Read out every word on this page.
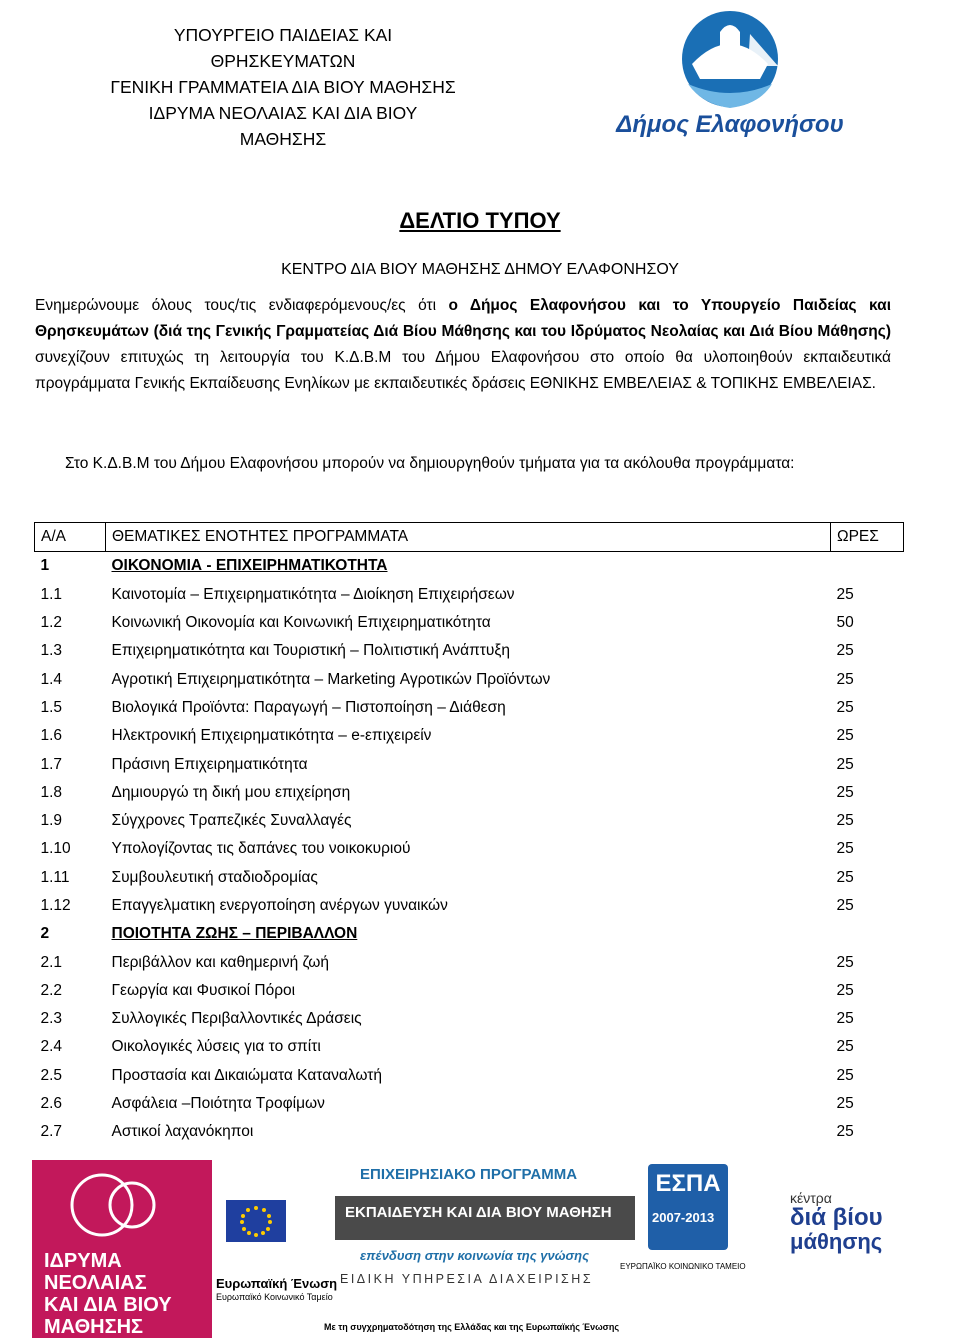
ΥΠΟΥΡΓΕΙΟ ΠΑΙΔΕΙΑΣ ΚΑΙ
ΘΡΗΣΚΕΥΜΑΤΩΝ
ΓΕΝΙΚΗ ΓΡΑΜΜΑΤΕΙΑ ΔΙΑ ΒΙΟΥ ΜΑΘΗΣΗΣ
ΙΔΡΥΜΑ ΝΕΟΛΑΙΑΣ ΚΑΙ ΔΙΑ ΒΙΟΥ
ΜΑΘΗΣΗΣ
Δήμος Ελαφονήσου
ΔΕΛΤΙΟ ΤΥΠΟΥ
ΚΕΝΤΡΟ ΔΙΑ ΒΙΟΥ ΜΑΘΗΣΗΣ ΔΗΜΟΥ ΕΛΑΦΟΝΗΣΟΥ
Ενημερώνουμε όλους τους/τις ενδιαφερόμενους/ες ότι ο Δήμος Ελαφονήσου και το Υπουργείο Παιδείας και Θρησκευμάτων (διά της Γενικής Γραμματείας Διά Βίου Μάθησης και του Ιδρύματος Νεολαίας και Διά Βίου Μάθησης) συνεχίζουν επιτυχώς τη λειτουργία του Κ.Δ.Β.Μ του Δήμου Ελαφονήσου στο οποίο θα υλοποιηθούν εκπαιδευτικά προγράμματα Γενικής Εκπαίδευσης Ενηλίκων με εκπαιδευτικές δράσεις ΕΘΝΙΚΗΣ ΕΜΒΕΛΕΙΑΣ & ΤΟΠΙΚΗΣ ΕΜΒΕΛΕΙΑΣ.
Στο Κ.Δ.Β.Μ του Δήμου Ελαφονήσου μπορούν να δημιουργηθούν τμήματα για τα ακόλουθα προγράμματα:
Α/Α	ΘΕΜΑΤΙΚΕΣ ΕΝΟΤΗΤΕΣ ΠΡΟΓΡΑΜΜΑΤΑ	ΩΡΕΣ
1	ΟΙΚΟΝΟΜΙΑ - ΕΠΙΧΕΙΡΗΜΑΤΙΚΟΤΗΤΑ	
1.1	Καινοτομία – Επιχειρηματικότητα – Διοίκηση Επιχειρήσεων	25
1.2	Κοινωνική Οικονομία και Κοινωνική Επιχειρηματικότητα	50
1.3	Επιχειρηματικότητα και Τουριστική – Πολιτιστική Ανάπτυξη	25
1.4	Αγροτική Επιχειρηματικότητα – Marketing Αγροτικών Προϊόντων	25
1.5	Βιολογικά Προϊόντα: Παραγωγή – Πιστοποίηση – Διάθεση	25
1.6	Ηλεκτρονική Επιχειρηματικότητα – e-επιχειρείν	25
1.7	Πράσινη Επιχειρηματικότητα	25
1.8	Δημιουργώ τη δική μου επιχείρηση	25
1.9	Σύγχρονες Τραπεζικές Συναλλαγές	25
1.10	Υπολογίζοντας τις δαπάνες του νοικοκυριού	25
1.11	Συμβουλευτική σταδιοδρομίας	25
1.12	Επαγγελματικη ενεργοποίηση ανέργων γυναικών	25
2	ΠΟΙΟΤΗΤΑ ΖΩΗΣ – ΠΕΡΙΒΑΛΛΟΝ	
2.1	Περιβάλλον και καθημερινή ζωή	25
2.2	Γεωργία και Φυσικοί Πόροι	25
2.3	Συλλογικές Περιβαλλοντικές Δράσεις	25
2.4	Οικολογικές λύσεις για το σπίτι	25
2.5	Προστασία και Δικαιώματα Καταναλωτή	25
2.6	Ασφάλεια –Ποιότητα Τροφίμων	25
2.7	Αστικοί λαχανόκηποι	25
ΙΔΡΥΜΑ
ΝΕΟΛΑΙΑΣ
ΚΑΙ ΔΙΑ ΒΙΟΥ
ΜΑΘΗΣΗΣ
Ευρωπαϊκή Ένωση
Ευρωπαϊκό Κοινωνικό Ταμείο
ΕΠΙΧΕΙΡΗΣΙΑΚΟ ΠΡΟΓΡΑΜΜΑ
ΕΚΠΑΙΔΕΥΣΗ ΚΑΙ ΔΙΑ ΒΙΟΥ ΜΑΘΗΣΗ
επένδυση στην κοινωνία της γνώσης
ΕΙΔΙΚΗ ΥΠΗΡΕΣΙΑ ΔΙΑΧΕΙΡΙΣΗΣ
Με τη συγχρηματοδότηση της Ελλάδας και της Ευρωπαϊκής Ένωσης
ΕΣΠΑ
2007-2013
ΕΥΡΩΠΑΪΚΟ ΚΟΙΝΩΝΙΚΟ ΤΑΜΕΙΟ
κέντρα
διά βίου
μάθησης
